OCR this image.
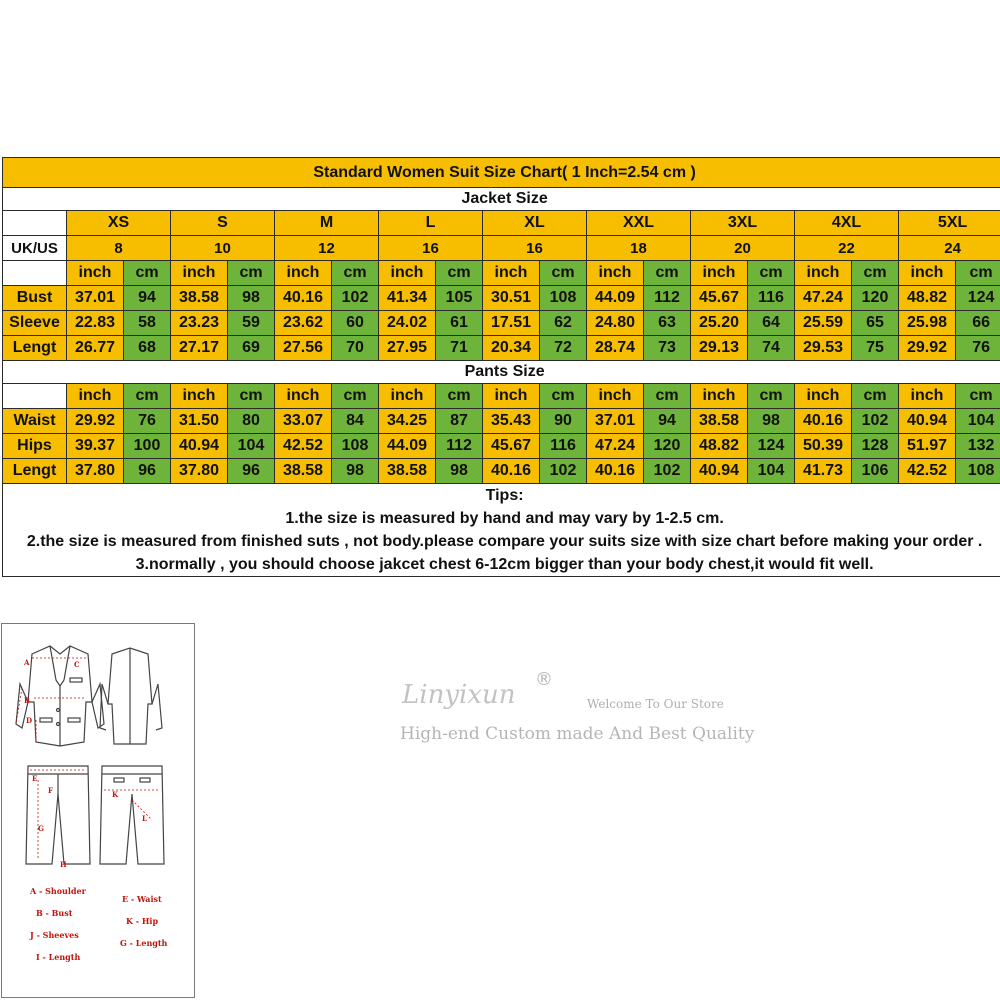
Standard Women Suit Size Chart( 1 Inch=2.54 cm )																		
Jacket Size																		
	XS		S		M		L		XL		XXL		3XL		4XL		5XL	
UK/US	8		10		12		16		16		18		20		22		24	
	inch	cm	inch	cm	inch	cm	inch	cm	inch	cm	inch	cm	inch	cm	inch	cm	inch	cm
Bust	37.01	94	38.58	98	40.16	102	41.34	105	30.51	108	44.09	112	45.67	116	47.24	120	48.82	124
Sleeve	22.83	58	23.23	59	23.62	60	24.02	61	17.51	62	24.80	63	25.20	64	25.59	65	25.98	66
Lengt	26.77	68	27.17	69	27.56	70	27.95	71	20.34	72	28.74	73	29.13	74	29.53	75	29.92	76
Pants Size																		
	inch	cm	inch	cm	inch	cm	inch	cm	inch	cm	inch	cm	inch	cm	inch	cm	inch	cm
Waist	29.92	76	31.50	80	33.07	84	34.25	87	35.43	90	37.01	94	38.58	98	40.16	102	40.94	104
Hips	39.37	100	40.94	104	42.52	108	44.09	112	45.67	116	47.24	120	48.82	124	50.39	128	51.97	132
Lengt	37.80	96	37.80	96	38.58	98	38.58	98	40.16	102	40.16	102	40.94	104	41.73	106	42.52	108

Tips:
1.the size is measured by hand and may vary by 1-2.5 cm.
2.the size is measured from finished suts , not body.please compare your suits size with size chart before making your order .
3.normally , you should choose jakcet chest 6-12cm bigger than your body chest,it would fit well.																		
®
Linyixun	Welcome To Our Store
High-end Custom made And Best Quality
A
B
C
D
E
F
G
K
L
H
A - Shoulder
B - Bust
J - Sheeves
I - Length
E - Waist
K - Hip
G - Length
